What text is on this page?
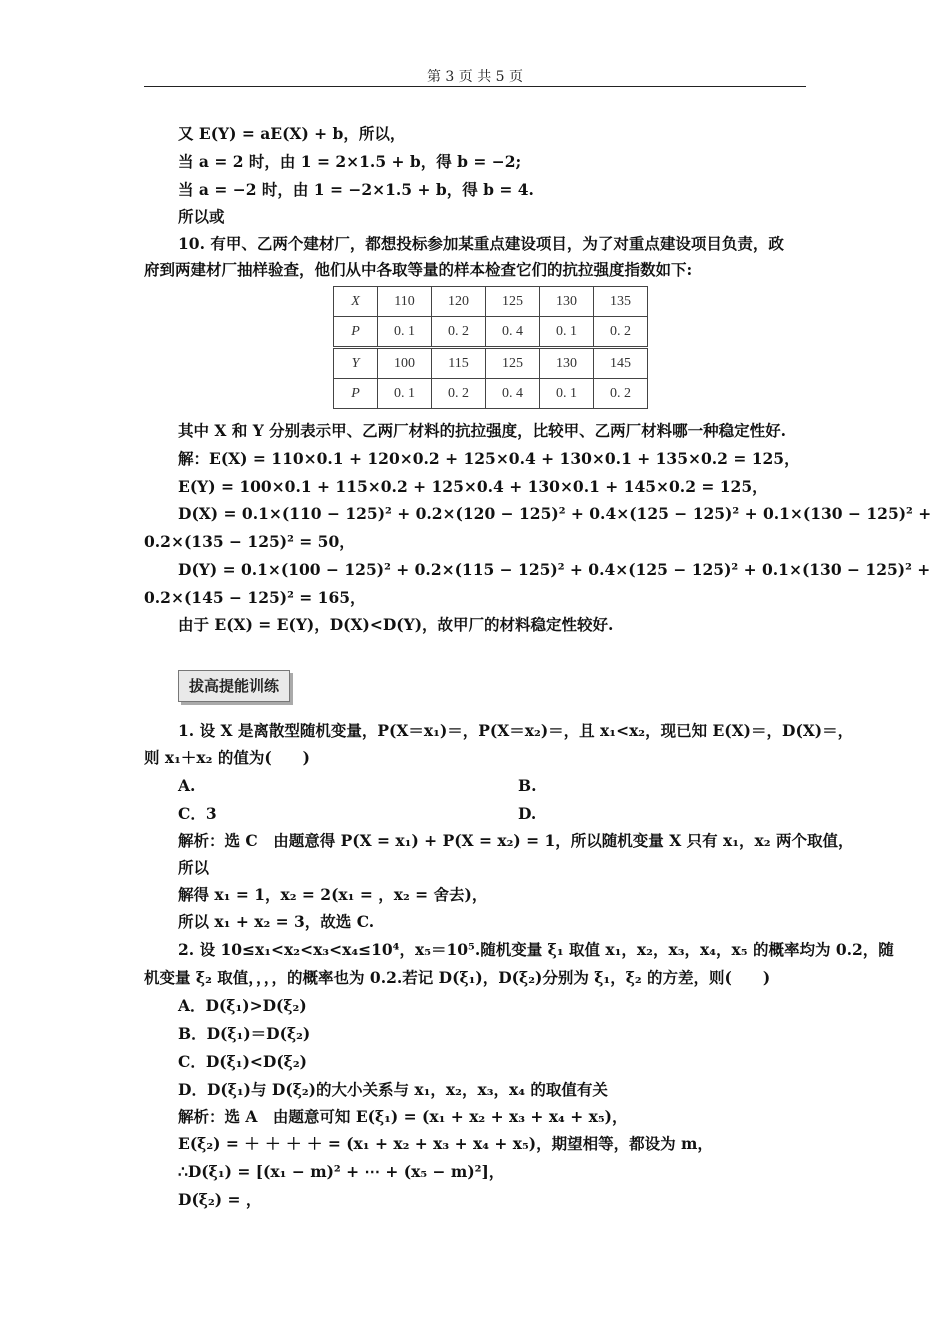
第 3 页 共 5 页
又 E(Y) = aE(X) + b，所以，
当 a = 2 时，由 1 = 2×1.5 + b，得 b = −2;
当 a = −2 时，由 1 = −2×1.5 + b，得 b = 4.
所以或
10. 有甲、乙两个建材厂，都想投标参加某重点建设项目，为了对重点建设项目负责，政
府到两建材厂抽样验查，他们从中各取等量的样本检查它们的抗拉强度指数如下:
X	110	120	125	130	135
P	0. 1	0. 2	0. 4	0. 1	0. 2
Y	100	115	125	130	145
P	0. 1	0. 2	0. 4	0. 1	0. 2
其中 X 和 Y 分别表示甲、乙两厂材料的抗拉强度，比较甲、乙两厂材料哪一种稳定性好.
解：E(X) = 110×0.1 + 120×0.2 + 125×0.4 + 130×0.1 + 135×0.2 = 125，
E(Y) = 100×0.1 + 115×0.2 + 125×0.4 + 130×0.1 + 145×0.2 = 125，
D(X) = 0.1×(110 − 125)² + 0.2×(120 − 125)² + 0.4×(125 − 125)² + 0.1×(130 − 125)² +
0.2×(135 − 125)² = 50，
D(Y) = 0.1×(100 − 125)² + 0.2×(115 − 125)² + 0.4×(125 − 125)² + 0.1×(130 − 125)² +
0.2×(145 − 125)² = 165，
由于 E(X) = E(Y)，D(X)<D(Y)，故甲厂的材料稳定性较好.
拔高提能训练
1. 设 X 是离散型随机变量，P(X＝x₁)＝，P(X＝x₂)＝，且 x₁<x₂，现已知 E(X)＝，D(X)＝，
则 x₁＋x₂ 的值为(　　)
A.	B.
C．3	D.
解析：选 C　由题意得 P(X = x₁) + P(X = x₂) = 1，所以随机变量 X 只有 x₁，x₂ 两个取值，
所以
解得 x₁ = 1，x₂ = 2(x₁ = ，x₂ = 舍去)，
所以 x₁ + x₂ = 3，故选 C.
2. 设 10≤x₁<x₂<x₃<x₄≤10⁴，x₅＝10⁵.随机变量 ξ₁ 取值 x₁，x₂，x₃，x₄，x₅ 的概率均为 0.2，随
机变量 ξ₂ 取值，，，，的概率也为 0.2.若记 D(ξ₁)，D(ξ₂)分别为 ξ₁，ξ₂ 的方差，则(　　)
A．D(ξ₁)>D(ξ₂)
B．D(ξ₁)＝D(ξ₂)
C．D(ξ₁)<D(ξ₂)
D．D(ξ₁)与 D(ξ₂)的大小关系与 x₁，x₂，x₃，x₄ 的取值有关
解析：选 A　由题意可知 E(ξ₁) = (x₁ + x₂ + x₃ + x₄ + x₅)，
E(ξ₂) = ＋ ＋ ＋ ＋ = (x₁ + x₂ + x₃ + x₄ + x₅)，期望相等，都设为 m，
∴D(ξ₁) = [(x₁ − m)² + ⋯ + (x₅ − m)²]，
D(ξ₂) = ，
